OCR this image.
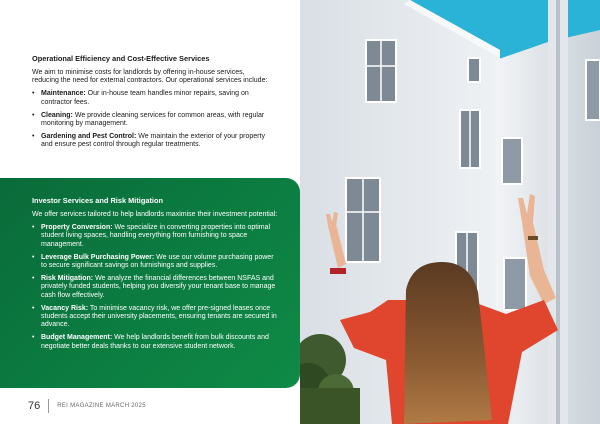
Operational Efficiency and Cost-Effective Services

We aim to minimise costs for landlords by offering in-house services, reducing the need for external contractors. Our operational services include:

• Maintenance: Our in-house team handles minor repairs, saving on contractor fees.
• Cleaning: We provide cleaning services for common areas, with regular monitoring by management.
• Gardening and Pest Control: We maintain the exterior of your property and ensure pest control through regular treatments.
Investor Services and Risk Mitigation

We offer services tailored to help landlords maximise their investment potential:

• Property Conversion: We specialize in converting properties into optimal student living spaces, handling everything from furnishing to space management.
• Leverage Bulk Purchasing Power: We use our volume purchasing power to secure significant savings on furnishings and supplies.
• Risk Mitigation: We analyze the financial differences between NSFAS and privately funded students, helping you diversify your tenant base to manage cash flow effectively.
• Vacancy Risk: To minimise vacancy risk, we offer pre-signed leases once students accept their university placements, ensuring tenants are secured in advance.
• Budget Management: We help landlords benefit from bulk discounts and negotiate better deals thanks to our extensive student network.
76	REI MAGAZINE MARCH 2025
